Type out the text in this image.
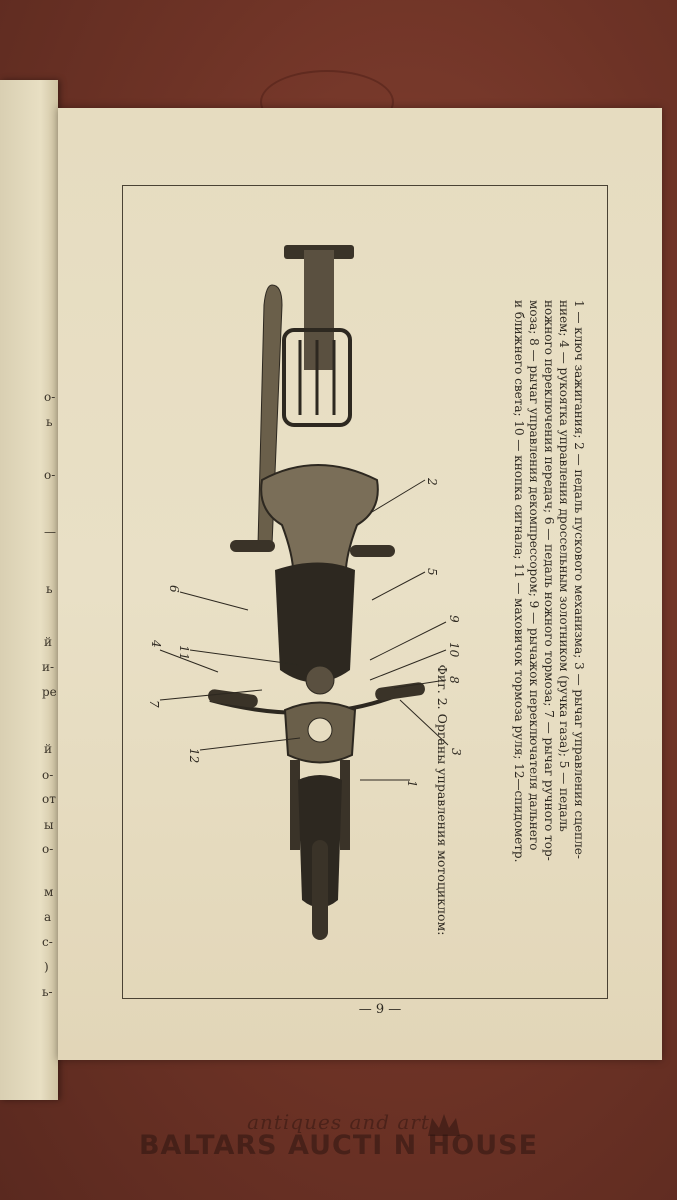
о-
ь
о-
—
ь
й
и-
ре
й
о-
от
ы
о-
м
а
с-
)
ь-
Фиг. 2. Органы управления мотоциклом:	1 — ключ зажигания; 2 — педаль пускового механизма; 3 — рычаг управления сцепле-
нием; 4 — рукоятка управления дроссельным золотником (ручка газа); 5 — педаль
ножного переключения передач; 6 — педаль ножного тормоза; 7 — рычаг ручного тор-
моза; 8 — рычаг управления декомпрессором; 9 — рычажок переключателя дальнего
и ближнего света; 10 — кнопка сигнала; 11 — маховичок тормоза руля; 12—спидометр.
1
2
3
4
5
6
7
8
9
10
11
12
— 9 —
antiques and art
BALTARS AUCTI N HOUSE
